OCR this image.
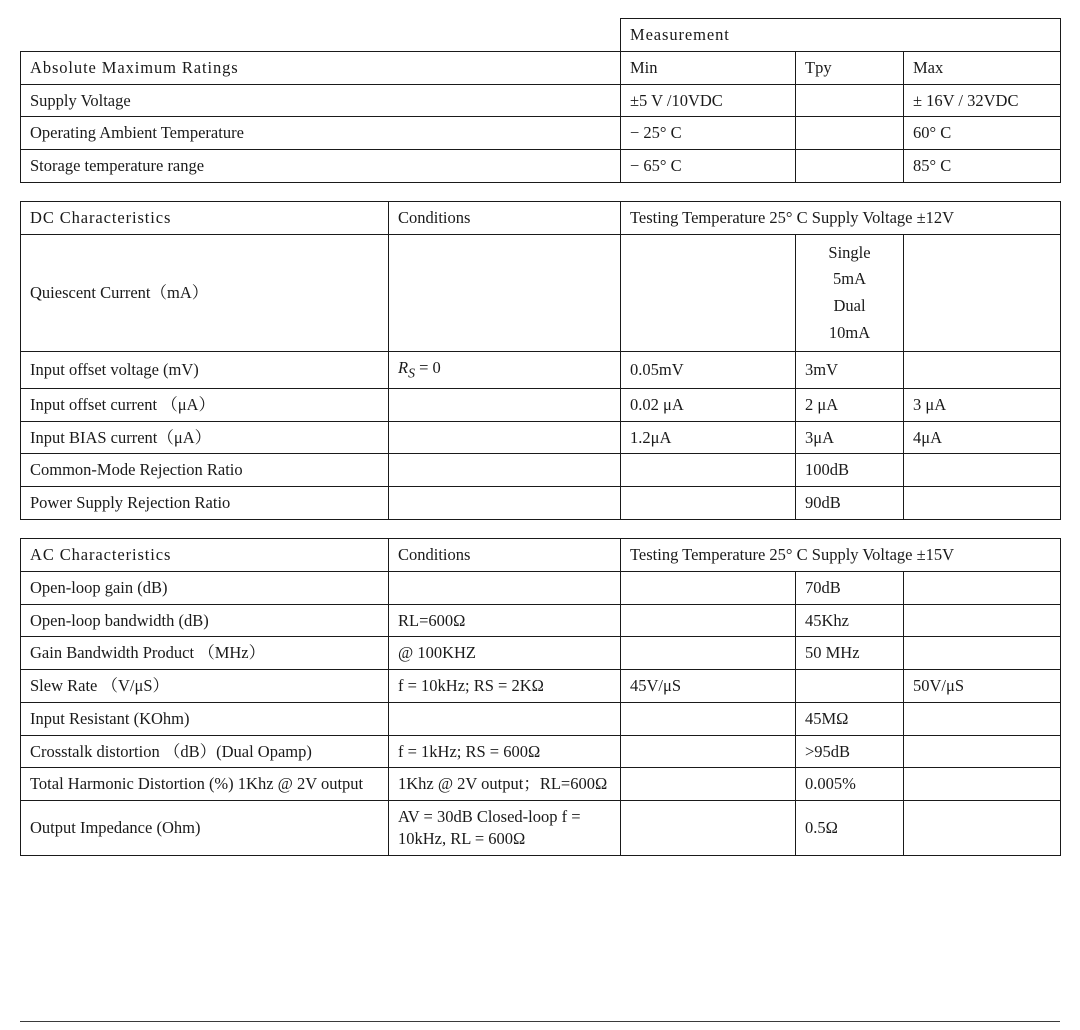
	Measurement		
Absolute Maximum Ratings	Min	Tpy	Max
Supply Voltage	±5 V /10VDC		± 16V / 32VDC
Operating Ambient Temperature	− 25° C		60° C
Storage temperature range	− 65° C		85° C
DC Characteristics	Conditions	Testing Temperature 25° C Supply Voltage ±12V		
Quiescent Current（mA）			Single
5mA
Dual
10mA	

Input offset voltage (mV)	$R_S = 0$	0.05mV	3mV	
Input offset current （μA）		0.02 μA	2 μA	3 μA
Input BIAS current（μA）		1.2μA	3μA	4μA
Common-Mode Rejection Ratio			100dB	
Power Supply Rejection Ratio			90dB	
AC Characteristics	Conditions	Testing Temperature 25° C Supply Voltage ±15V		
Open-loop gain (dB)			70dB	
Open-loop bandwidth (dB)	RL=600Ω		45Khz	
Gain Bandwidth Product （MHz）	@ 100KHZ		50 MHz	
Slew Rate （V/μS）	f = 10kHz; RS = 2KΩ	45V/μS		50V/μS
Input Resistant (KOhm)			45MΩ	
Crosstalk distortion （dB）(Dual Opamp)	f = 1kHz; RS = 600Ω		>95dB	
Total Harmonic Distortion (%) 1Khz @ 2V output	1Khz @ 2V output；RL=600Ω		0.005%	
Output Impedance (Ohm)	AV = 30dB Closed-loop f = 10kHz, RL = 600Ω		0.5Ω	
